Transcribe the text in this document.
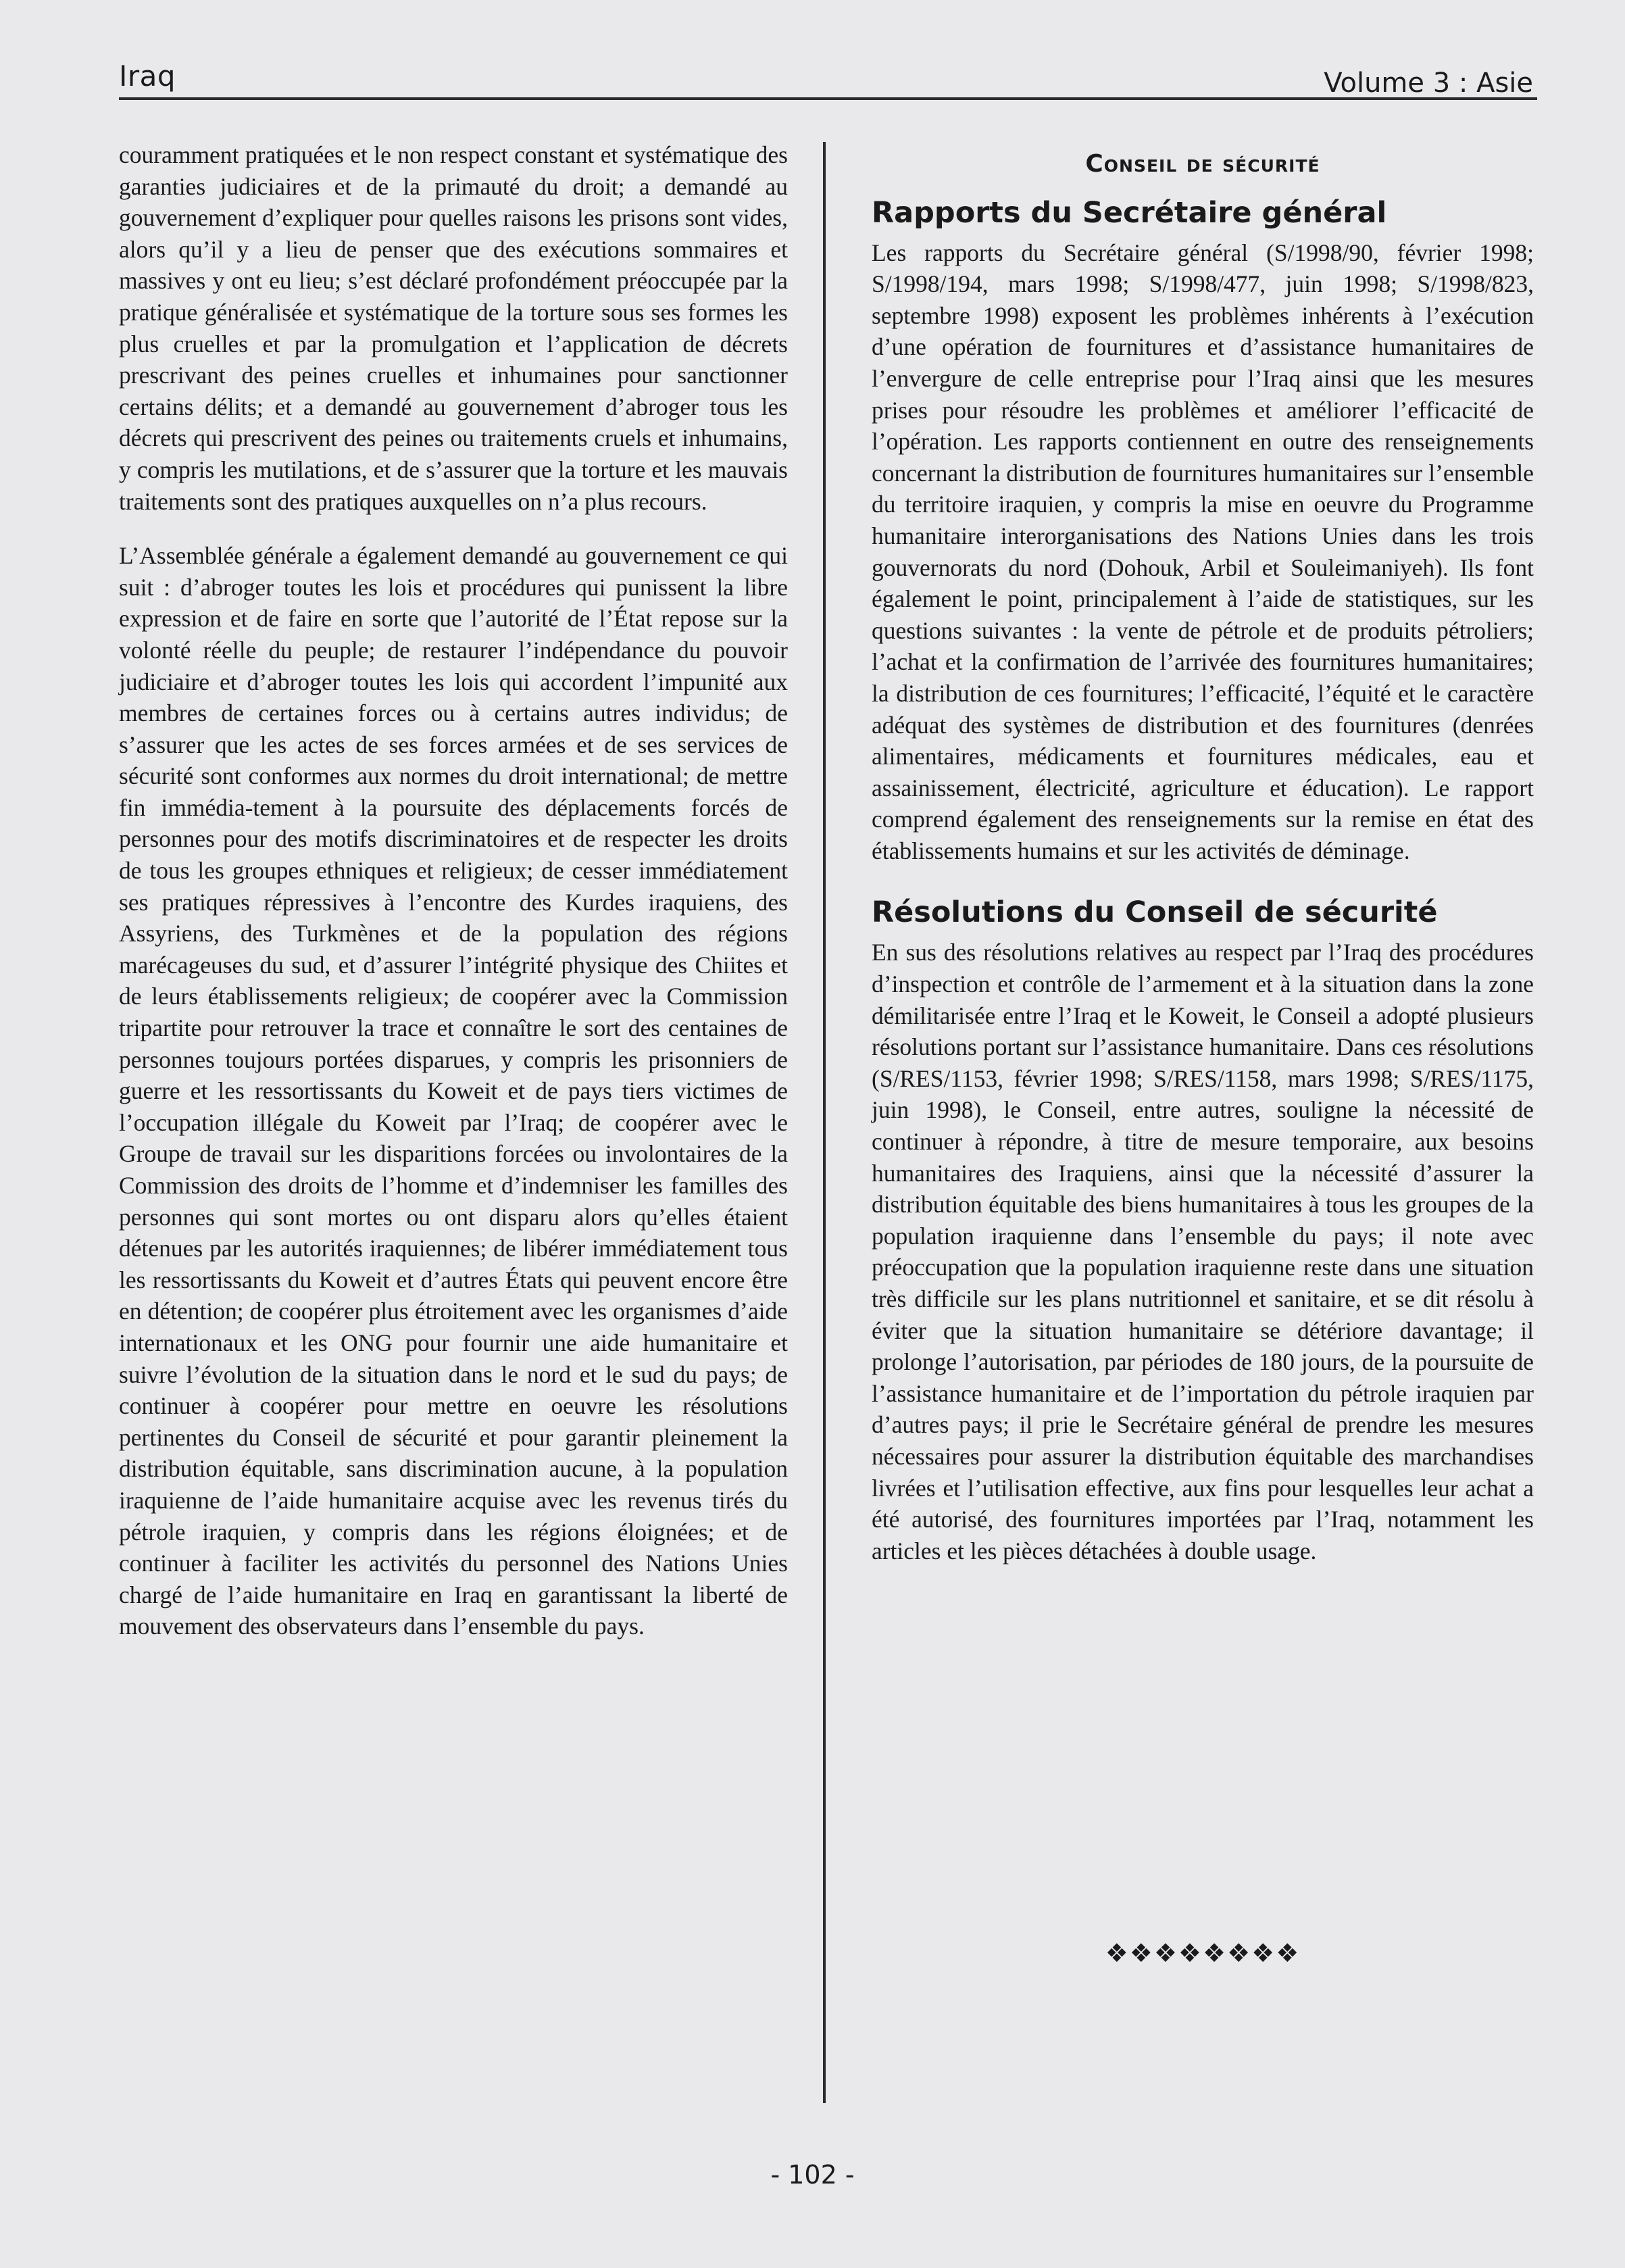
Iraq	Volume 3 : Asie

couramment pratiquées et le non respect constant et systématique des garanties judiciaires et de la primauté du droit; a demandé au gouvernement d’expliquer pour quelles raisons les prisons sont vides, alors qu’il y a lieu de penser que des exécutions sommaires et massives y ont eu lieu; s’est déclaré profondément préoccupée par la pratique généralisée et systématique de la torture sous ses formes les plus cruelles et par la promulgation et l’application de décrets prescrivant des peines cruelles et inhumaines pour sanctionner certains délits; et a demandé au gouvernement d’abroger tous les décrets qui prescrivent des peines ou traitements cruels et inhumains, y compris les mutilations, et de s’assurer que la torture et les mauvais traitements sont des pratiques auxquelles on n’a plus recours.

L’Assemblée générale a également demandé au gouvernement ce qui suit : d’abroger toutes les lois et procédures qui punissent la libre expression et de faire en sorte que l’autorité de l’État repose sur la volonté réelle du peuple; de restaurer l’indépendance du pouvoir judiciaire et d’abroger toutes les lois qui accordent l’impunité aux membres de certaines forces ou à certains autres individus; de s’assurer que les actes de ses forces armées et de ses services de sécurité sont conformes aux normes du droit international; de mettre fin immédia-tement à la poursuite des déplacements forcés de personnes pour des motifs discriminatoires et de respecter les droits de tous les groupes ethniques et religieux; de cesser immédiatement ses pratiques répressives à l’encontre des Kurdes iraquiens, des Assyriens, des Turkmènes et de la population des régions marécageuses du sud, et d’assurer l’intégrité physique des Chiites et de leurs établissements religieux; de coopérer avec la Commission tripartite pour retrouver la trace et connaître le sort des centaines de personnes toujours portées disparues, y compris les prisonniers de guerre et les ressortissants du Koweit et de pays tiers victimes de l’occupation illégale du Koweit par l’Iraq; de coopérer avec le Groupe de travail sur les disparitions forcées ou involontaires de la Commission des droits de l’homme et d’indemniser les familles des personnes qui sont mortes ou ont disparu alors qu’elles étaient détenues par les autorités iraquiennes; de libérer immédiatement tous les ressortissants du Koweit et d’autres États qui peuvent encore être en détention; de coopérer plus étroitement avec les organismes d’aide internationaux et les ONG pour fournir une aide humanitaire et suivre l’évolution de la situation dans le nord et le sud du pays; de continuer à coopérer pour mettre en oeuvre les résolutions pertinentes du Conseil de sécurité et pour garantir pleinement la distribution équitable, sans discrimination aucune, à la population iraquienne de l’aide humanitaire acquise avec les revenus tirés du pétrole iraquien, y compris dans les régions éloignées; et de continuer à faciliter les activités du personnel des Nations Unies chargé de l’aide humanitaire en Iraq en garantissant la liberté de mouvement des observateurs dans l’ensemble du pays.

Conseil de sécurité
Rapports du Secrétaire général

Les rapports du Secrétaire général (S/1998/90, février 1998; S/1998/194, mars 1998; S/1998/477, juin 1998; S/1998/823, septembre 1998) exposent les problèmes inhérents à l’exécution d’une opération de fournitures et d’assistance humanitaires de l’envergure de celle entreprise pour l’Iraq ainsi que les mesures prises pour résoudre les problèmes et améliorer l’efficacité de l’opération. Les rapports contiennent en outre des renseignements concernant la distribution de fournitures humanitaires sur l’ensemble du territoire iraquien, y compris la mise en oeuvre du Programme humanitaire interorganisations des Nations Unies dans les trois gouvernorats du nord (Dohouk, Arbil et Souleimaniyeh). Ils font également le point, principalement à l’aide de statistiques, sur les questions suivantes : la vente de pétrole et de produits pétroliers; l’achat et la confirmation de l’arrivée des fournitures humanitaires; la distribution de ces fournitures; l’efficacité, l’équité et le caractère adéquat des systèmes de distribution et des fournitures (denrées alimentaires, médicaments et fournitures médicales, eau et assainissement, électricité, agriculture et éducation). Le rapport comprend également des renseignements sur la remise en état des établissements humains et sur les activités de déminage.

Résolutions du Conseil de sécurité

En sus des résolutions relatives au respect par l’Iraq des procédures d’inspection et contrôle de l’armement et à la situation dans la zone démilitarisée entre l’Iraq et le Koweit, le Conseil a adopté plusieurs résolutions portant sur l’assistance humanitaire. Dans ces résolutions (S/RES/1153, février 1998; S/RES/1158, mars 1998; S/RES/1175, juin 1998), le Conseil, entre autres, souligne la nécessité de continuer à répondre, à titre de mesure temporaire, aux besoins humanitaires des Iraquiens, ainsi que la nécessité d’assurer la distribution équitable des biens humanitaires à tous les groupes de la population iraquienne dans l’ensemble du pays; il note avec préoccupation que la population iraquienne reste dans une situation très difficile sur les plans nutritionnel et sanitaire, et se dit résolu à éviter que la situation humanitaire se détériore davantage; il prolonge l’autorisation, par périodes de 180 jours, de la poursuite de l’assistance humanitaire et de l’importation du pétrole iraquien par d’autres pays; il prie le Secrétaire général de prendre les mesures nécessaires pour assurer la distribution équitable des marchandises livrées et l’utilisation effective, aux fins pour lesquelles leur achat a été autorisé, des fournitures importées par l’Iraq, notamment les articles et les pièces détachées à double usage.

❖❖❖❖❖❖❖❖
- 102 -
